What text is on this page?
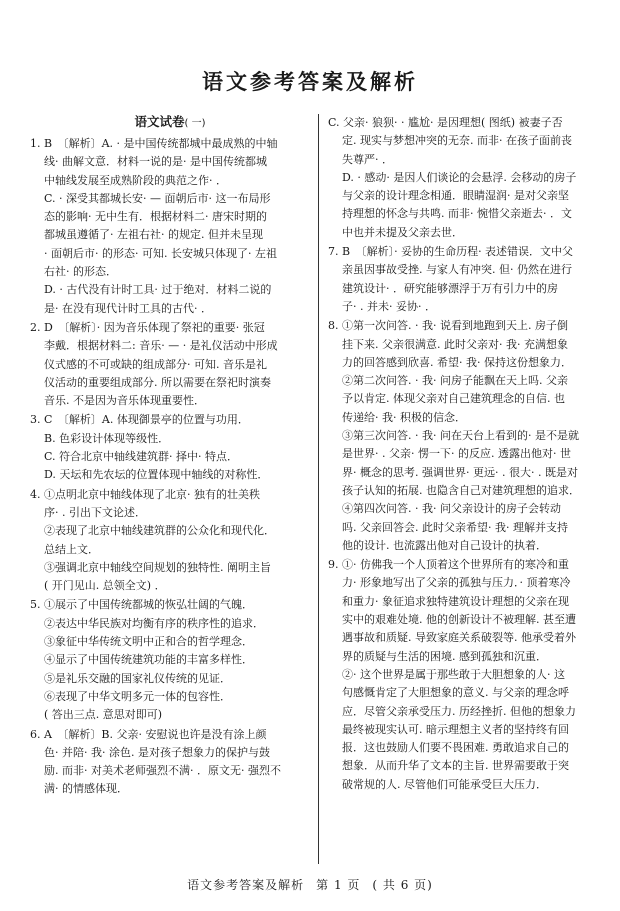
语文参考答案及解析
语文试卷( 一)
1. B　〔解析〕A. · 是中国传统都城中最成熟的中轴
线· 曲解文意．材料一说的是· 是中国传统都城
中轴线发展至成熟阶段的典范之作· ．
C. · 深受其都城长安· — 面朝后市· 这一布局形
态的影响· 无中生有．根据材料二· 唐宋时期的
都城虽遵循了· 左祖右社· 的规定. 但并未呈现
· 面朝后市· 的形态· 可知. 长安城只体现了· 左祖
右社· 的形态．
D. · 古代没有计时工具· 过于绝对．材料二说的
是· 在没有现代计时工具的古代· ．
2. D　〔解析〕· 因为音乐体现了祭祀的重要· 张冠
李戴．根据材料二: 音乐· — · 是礼仪活动中形成
仪式感的不可或缺的组成部分· 可知. 音乐是礼
仪活动的重要组成部分. 所以需要在祭祀时演奏
音乐. 不是因为音乐体现重要性．
3. C　〔解析〕A. 体现御景亭的位置与功用．
B. 色彩设计体现等级性．
C. 符合北京中轴线建筑群· 择中· 特点．
D. 天坛和先农坛的位置体现中轴线的对称性．
4. ①点明北京中轴线体现了北京· 独有的壮美秩
序· . 引出下文论述．
②表现了北京中轴线建筑群的公众化和现代化．
总结上文．
③强调北京中轴线空间规划的独特性. 阐明主旨
( 开门见山. 总领全文) ．
5. ①展示了中国传统都城的恢弘壮阔的气魄．
②表达中华民族对均衡有序的秩序性的追求．
③象征中华传统文明中正和合的哲学理念．
④显示了中国传统建筑功能的丰富多样性．
⑤是礼乐交融的国家礼仪传统的见证．
⑥表现了中华文明多元一体的包容性．
( 答出三点. 意思对即可)
6. A　〔解析〕B. 父亲· 安慰说也许是没有涂上颜
色· 并陪· 我· 涂色. 是对孩子想象力的保护与鼓
励. 而非· 对美术老师强烈不满· ．原文无· 强烈不
满· 的情感体现．
C. 父亲· 狼狈· · 尴尬· 是因理想( 图纸) 被妻子否
定. 现实与梦想冲突的无奈. 而非· 在孩子面前丧
失尊严· ．
D. · 感动· 是因人们谈论的会悬浮. 会移动的房子
与父亲的设计理念相通．眼睛湿润· 是对父亲坚
持理想的怀念与共鸣. 而非· 惋惜父亲逝去· ．文
中也并未提及父亲去世．
7. B　〔解析〕· 妥协的生命历程· 表述错误．文中父
亲虽因事故受挫. 与家人有冲突. 但· 仍然在进行
建筑设计· ．研究能够漂浮于万有引力中的房
子· . 并未· 妥协· ．
8. ①第一次问答. · 我· 说看到地跑到天上. 房子倒
挂下来. 父亲很满意. 此时父亲对· 我· 充满想象
力的回答感到欣喜. 希望· 我· 保持这份想象力．
②第二次问答. · 我· 问房子能飘在天上吗. 父亲
予以肯定. 体现父亲对自己建筑理念的自信. 也
传递给· 我· 积极的信念．
③第三次问答. · 我· 问在天台上看到的· 是不是就
是世界· . 父亲· 愣一下· 的反应. 透露出他对· 世
界· 概念的思考. 强调世界· 更远· . 很大· . 既是对
孩子认知的拓展. 也隐含自己对建筑理想的追求．
④第四次问答. · 我· 问父亲设计的房子会转动
吗. 父亲回答会. 此时父亲希望· 我· 理解并支持
他的设计. 也流露出他对自己设计的执着．
9. ①· 仿佛我一个人顶着这个世界所有的寒冷和重
力· 形象地写出了父亲的孤独与压力．· 顶着寒冷
和重力· 象征追求独特建筑设计理想的父亲在现
实中的艰难处境. 他的创新设计不被理解. 甚至遭
遇事故和质疑. 导致家庭关系破裂等. 他承受着外
界的质疑与生活的困境. 感到孤独和沉重．
②· 这个世界是属于那些敢于大胆想象的人· 这
句感慨肯定了大胆想象的意义. 与父亲的理念呼
应．尽管父亲承受压力. 历经挫折. 但他的想象力
最终被现实认可. 暗示理想主义者的坚持终有回
报．这也鼓励人们要不畏困难. 勇敢追求自己的
想象．从而升华了文本的主旨. 世界需要敢于突
破常规的人. 尽管他们可能承受巨大压力．
语文参考答案及解析 第 1 页 ( 共 6 页)
